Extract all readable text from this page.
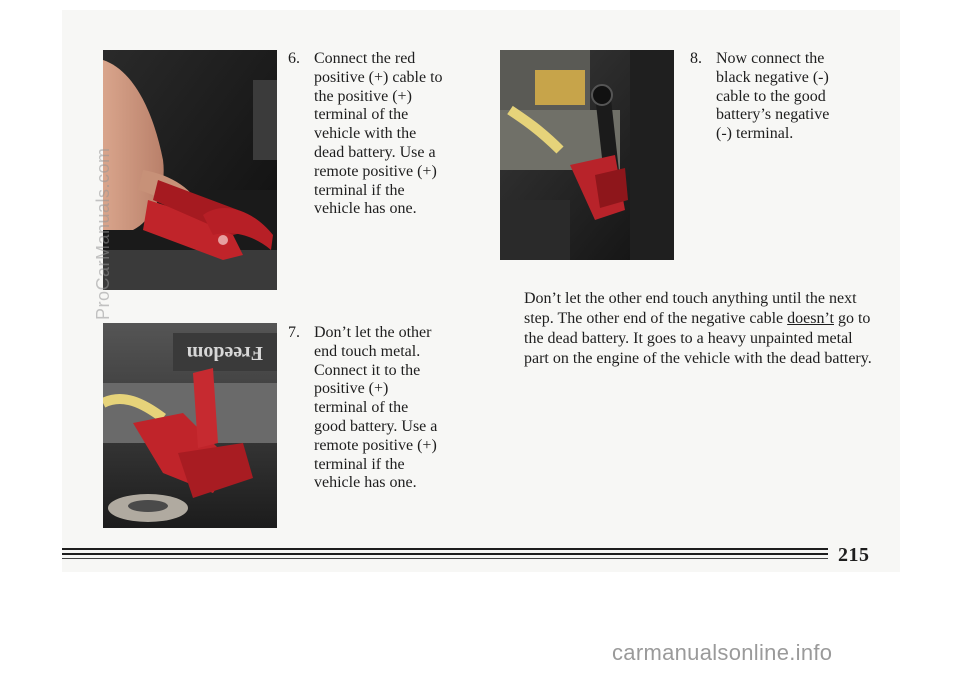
Freedom
6. Connect the red
positive (+) cable to
the positive (+)
terminal of the
vehicle with the
dead battery. Use a
remote positive (+)
terminal if the
vehicle has one.
7. Don’t let the other
end touch metal.
Connect it to the
positive (+)
terminal of the
good battery. Use a
remote positive (+)
terminal if the
vehicle has one.
8. Now connect the
black negative (-)
cable to the good
battery’s negative
(-) terminal.

Don’t let the other end touch anything until the next step. The other end of the negative cable doesn’t go to the dead battery. It goes to a heavy unpainted metal part on the engine of the vehicle with the dead battery.

215
ProCarManuals.com
carmanualsonline.info
